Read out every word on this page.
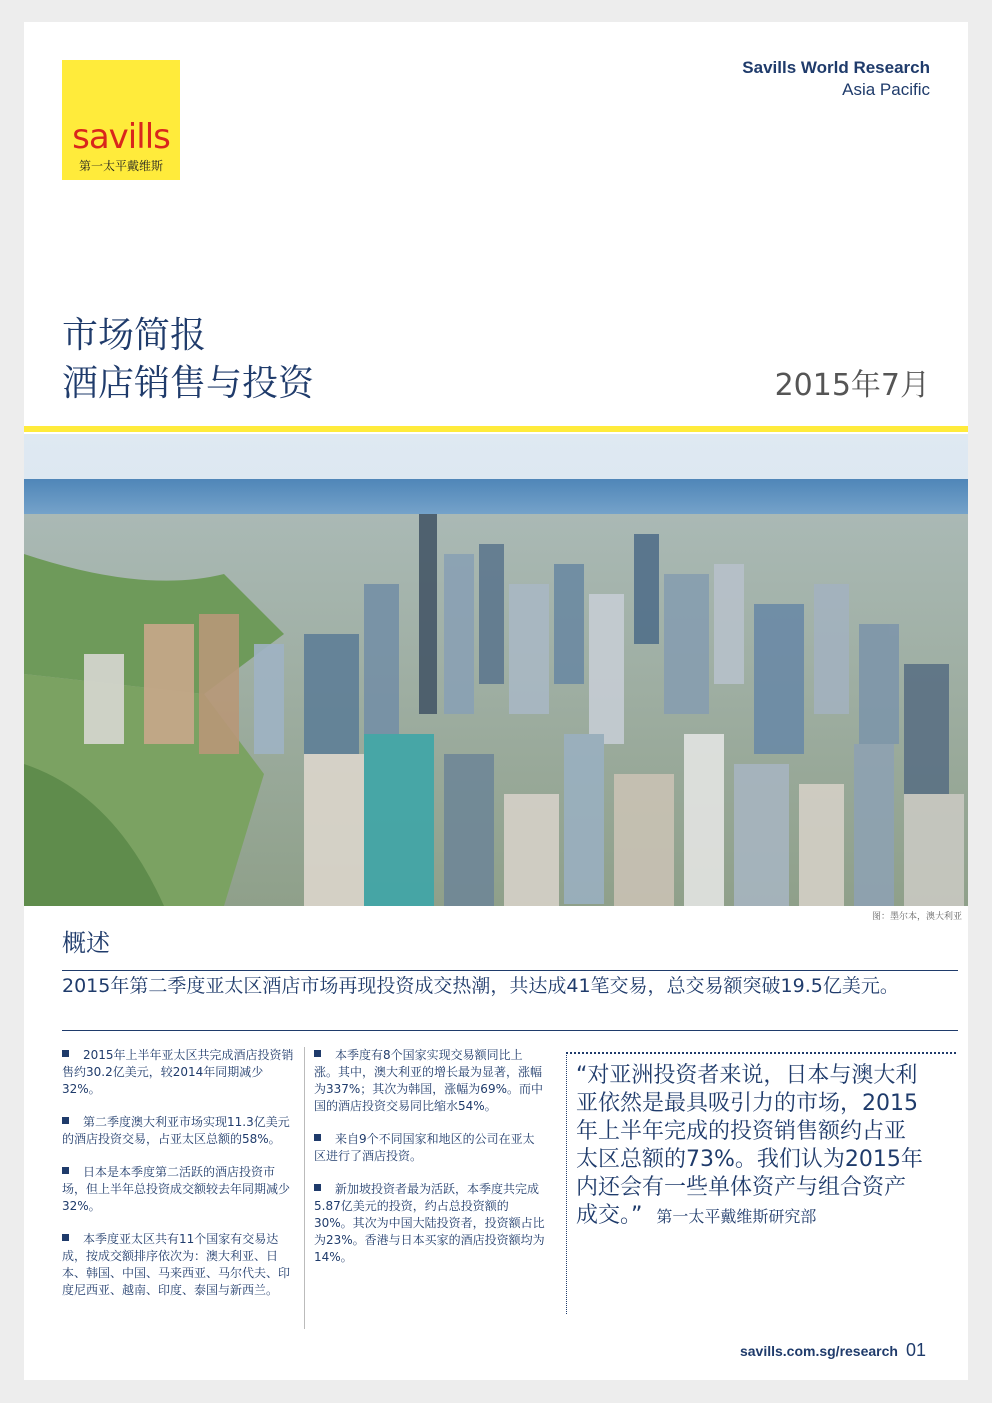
savills
第一太平戴维斯
Savills World Research
Asia Pacific
市场简报
酒店销售与投资	2015年7月
图：墨尔本，澳大利亚
概述
2015年第二季度亚太区酒店市场再现投资成交热潮，共达成41笔交易，总交易额突破19.5亿美元。
2015年上半年亚太区共完成酒店投资销售约30.2亿美元，较2014年同期减少32%。
第二季度澳大利亚市场实现11.3亿美元的酒店投资交易，占亚太区总额的58%。
日本是本季度第二活跃的酒店投资市场，但上半年总投资成交额较去年同期减少32%。
本季度亚太区共有11个国家有交易达成，按成交额排序依次为：澳大利亚、日本、韩国、中国、马来西亚、马尔代夫、印度尼西亚、越南、印度、泰国与新西兰。
本季度有8个国家实现交易额同比上涨。其中，澳大利亚的增长最为显著，涨幅为337%；其次为韩国，涨幅为69%。而中国的酒店投资交易同比缩水54%。
来自9个不同国家和地区的公司在亚太区进行了酒店投资。
新加坡投资者最为活跃，本季度共完成5.87亿美元的投资，约占总投资额的30%。其次为中国大陆投资者，投资额占比为23%。香港与日本买家的酒店投资额均为14%。
“对亚洲投资者来说，日本与澳大利亚依然是最具吸引力的市场，2015年上半年完成的投资销售额约占亚太区总额的73%。我们认为2015年内还会有一些单体资产与组合资产成交。” 第一太平戴维斯研究部
savills.com.sg/research 01
